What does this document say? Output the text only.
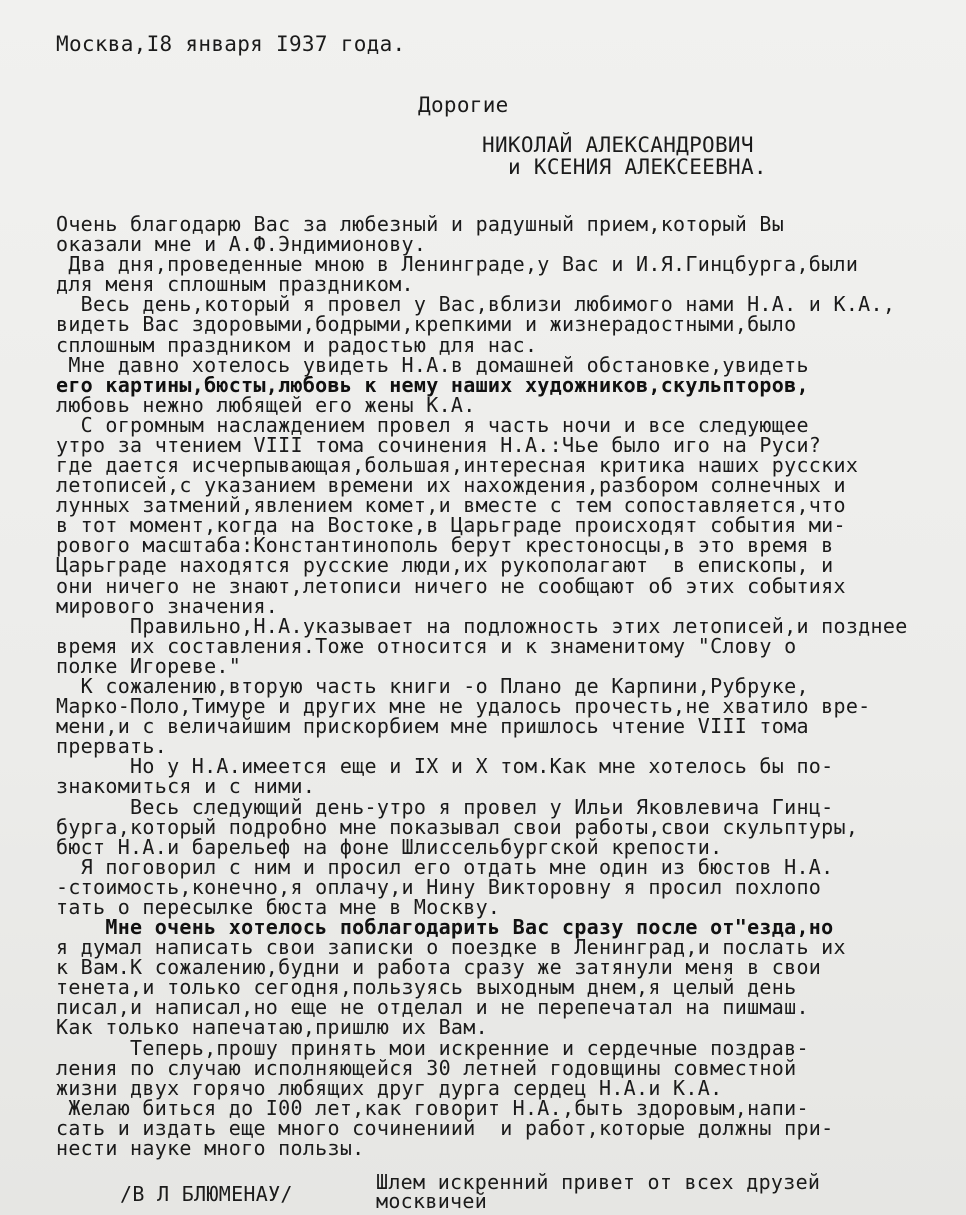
Москва,I8 января I937 года.
Дорогие
НИКОЛАЙ АЛЕКСАНДРОВИЧ
и КСЕНИЯ АЛЕКСЕЕВНА.
Очень благодарю Вас за любезный и радушный прием,который Вы
оказали мне и А.Ф.Эндимионову.
Два дня,проведенные мною в Ленинграде,у Вас и И.Я.Гинцбурга,были
для меня сплошным праздником.
Весь день,который я провел у Вас,вблизи любимого нами Н.А. и К.А.,
видеть Вас здоровыми,бодрыми,крепкими и жизнерадостными,было
сплошным праздником и радостью для нас.
Мне давно хотелось увидеть Н.А.в домашней обстановке,увидеть
его картины,бюсты,любовь к нему наших художников,скульпторов,
любовь нежно любящей его жены К.А.
С огромным наслаждением провел я часть ночи и все следующее
утро за чтением VIII тома сочинения Н.А.:Чье было иго на Руси?
где дается исчерпывающая,большая,интересная критика наших русских
летописей,с указанием времени их нахождения,разбором солнечных и
лунных затмений,явлением комет,и вместе с тем сопоставляется,что
в тот момент,когда на Востоке,в Царьграде происходят события ми-
рового масштаба:Константинополь берут крестоносцы,в это время в
Царьграде находятся русские люди,их рукополагают  в епископы, и
они ничего не знают,летописи ничего не сообщают об этих событиях
мирового значения.
Правильно,Н.А.указывает на подложность этих летописей,и позднее
время их составления.Тоже относится и к знаменитому "Слову о
полке Игореве."
К сожалению,вторую часть книги -о Плано де Карпини,Рубруке,
Марко-Поло,Тимуре и других мне не удалось прочесть,не хватило вре-
мени,и с величайшим прискорбием мне пришлось чтение VIII тома
прервать.
Но у Н.А.имеется еще и IX и X том.Как мне хотелось бы по-
знакомиться и с ними.
Весь следующий день-утро я провел у Ильи Яковлевича Гинц-
бурга,который подробно мне показывал свои работы,свои скульптуры,
бюст Н.А.и барельеф на фоне Шлиссельбургской крепости.
Я поговорил с ним и просил его отдать мне один из бюстов Н.А.
-стоимость,конечно,я оплачу,и Нину Викторовну я просил похлопо
тать о пересылке бюста мне в Москву.
Мне очень хотелось поблагодарить Вас сразу после от"езда,но
я думал написать свои записки о поездке в Ленинград,и послать их
к Вам.К сожалению,будни и работа сразу же затянули меня в свои
тенета,и только сегодня,пользуясь выходным днем,я целый день
писал,и написал,но еще не отделал и не перепечатал на пишмаш.
Как только напечатаю,пришлю их Вам.
Теперь,прошу принять мои искренние и сердечные поздрав-
ления по случаю исполняющейся 30 летней годовщины совместной
жизни двух горячо любящих друг дурга сердец Н.А.и К.А.
Желаю биться до I00 лет,как говорит Н.А.,быть здоровым,напи-
сать и издать еще много сочинениий  и работ,которые должны при-
нести науке много пользы.
/В Л БЛЮМЕНАУ/	Шлем искренний привет от всех друзей
москвичей
